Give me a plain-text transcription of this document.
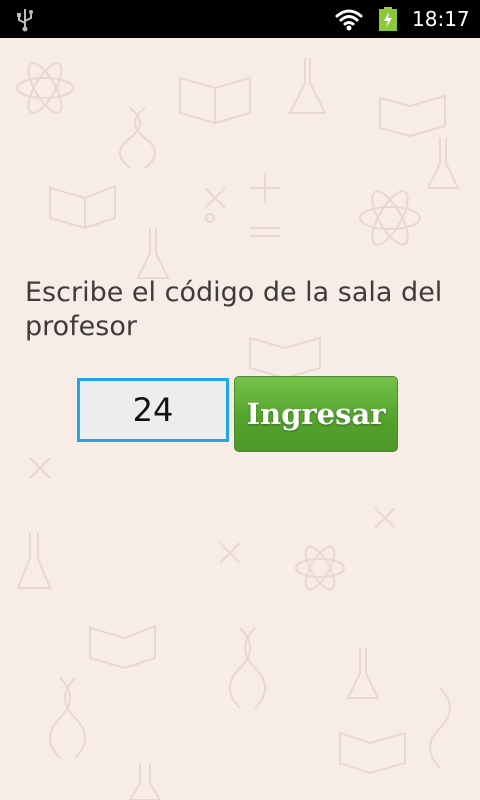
18:17
Escribe el código de la sala del profesor
24
Ingresar
